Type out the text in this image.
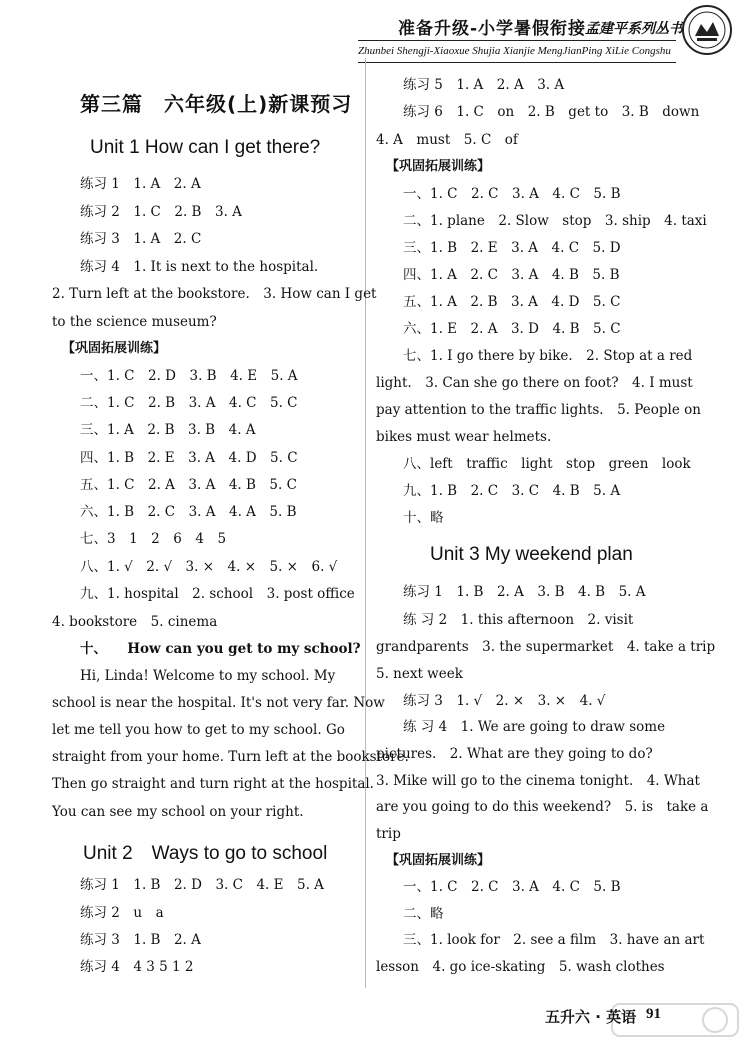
准备升级-小学暑假衔接
孟建平系列丛书
Zhunbei Shengji-Xiaoxue Shujia Xianjie MengJianPing XiLie Congshu
第三篇　六年级(上)新课预习
Unit 1 How can I get there?
练习 1　1. A　2. A
练习 2　1. C　2. B　3. A
练习 3　1. A　2. C
练习 4　1. It is next to the hospital.
2. Turn left at the bookstore.　3. How can I get
to the science museum?
【巩固拓展训练】
一、1. C　2. D　3. B　4. E　5. A
二、1. C　2. B　3. A　4. C　5. C
三、1. A　2. B　3. B　4. A
四、1. B　2. E　3. A　4. D　5. C
五、1. C　2. A　3. A　4. B　5. C
六、1. B　2. C　3. A　4. A　5. B
七、3　1　2　6　4　5
八、1. √　2. √　3. ×　4. ×　5. ×　6. √
九、1. hospital　2. school　3. post office
4. bookstore　5. cinema
十、　　How can you get to my school?
Hi, Linda! Welcome to my school. My
school is near the hospital. It's not very far. Now
let me tell you how to get to my school. Go
straight from your home. Turn left at the bookstore.
Then go straight and turn right at the hospital.
You can see my school on your right.
Unit 2　Ways to go to school
练习 1　1. B　2. D　3. C　4. E　5. A
练习 2　u　a
练习 3　1. B　2. A
练习 4　4 3 5 1 2
练习 5　1. A　2. A　3. A
练习 6　1. C　on　2. B　get to　3. B　down
4. A　must　5. C　of
【巩固拓展训练】
一、1. C　2. C　3. A　4. C　5. B
二、1. plane　2. Slow　stop　3. ship　4. taxi
三、1. B　2. E　3. A　4. C　5. D
四、1. A　2. C　3. A　4. B　5. B
五、1. A　2. B　3. A　4. D　5. C
六、1. E　2. A　3. D　4. B　5. C
七、1. I go there by bike.　2. Stop at a red
light.　3. Can she go there on foot?　4. I must
pay attention to the traffic lights.　5. People on
bikes must wear helmets.
八、left　traffic　light　stop　green　look
九、1. B　2. C　3. C　4. B　5. A
十、略
Unit 3 My weekend plan
练习 1　1. B　2. A　3. B　4. B　5. A
练 习 2　1. this afternoon　2. visit
grandparents　3. the supermarket　4. take a trip
5. next week
练习 3　1. √　2. ×　3. ×　4. √
练 习 4　1. We are going to draw some
pictures.　2. What are they going to do?
3. Mike will go to the cinema tonight.　4. What
are you going to do this weekend?　5. is　take a
trip
【巩固拓展训练】
一、1. C　2. C　3. A　4. C　5. B
二、略
三、1. look for　2. see a film　3. have an art
lesson　4. go ice-skating　5. wash clothes
五升六 · 英语 91
